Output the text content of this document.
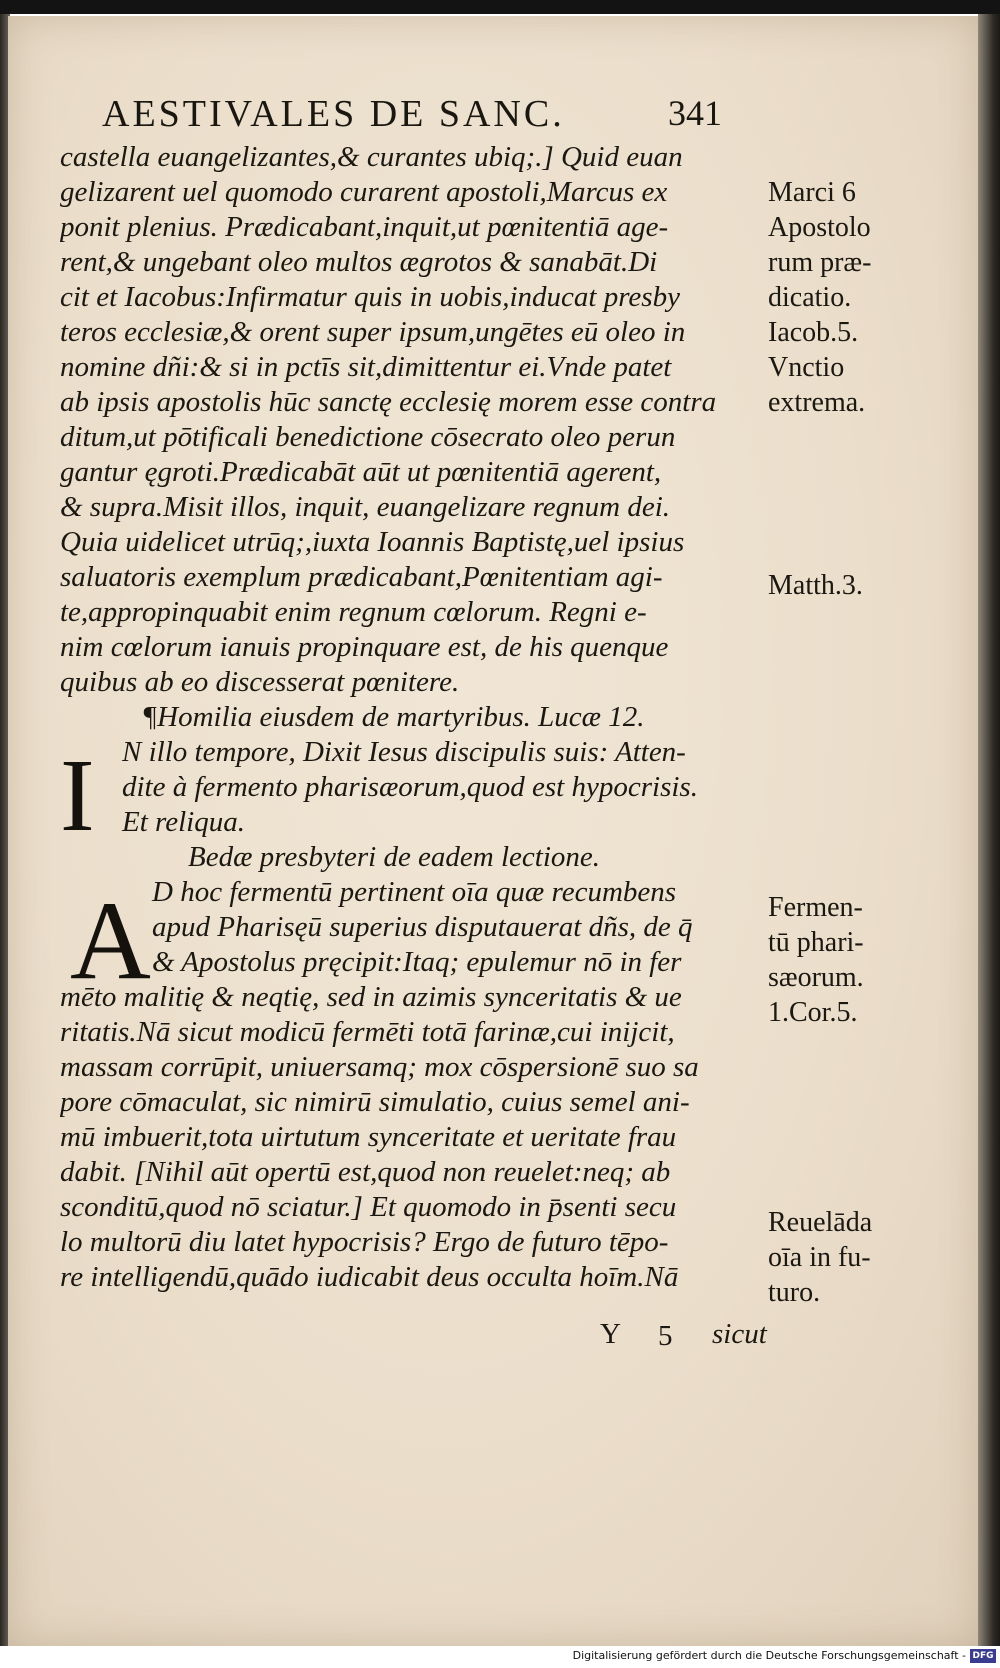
AESTIVALES DE SANC.	341
I
A
castella euangelizantes,& curantes ubiq;.] Quid euan
gelizarent uel quomodo curarent apostoli,Marcus ex
ponit plenius. Prædicabant,inquit,ut pœnitentiā age-
rent,& ungebant oleo multos ægrotos & sanabāt.Di
cit et Iacobus:Infirmatur quis in uobis,inducat presby
teros ecclesiæ,& orent super ipsum,ungētes eū oleo in
nomine dñi:& si in pctīs sit,dimittentur ei.Vnde patet
ab ipsis apostolis hūc sanctę ecclesię morem esse contra
ditum,ut pōtificali benedictione cōsecrato oleo perun
gantur ęgroti.Prædicabāt aūt ut pœnitentiā agerent,
& supra.Misit illos, inquit, euangelizare regnum dei.
Quia uidelicet utrūq;,iuxta Ioannis Baptistę,uel ipsius
saluatoris exemplum prædicabant,Pœnitentiam agi-
te,appropinquabit enim regnum cœlorum. Regni e-
nim cœlorum ianuis propinquare est, de his quenque
quibus ab eo discesserat pœnitere.
¶Homilia eiusdem de martyribus. Lucæ 12.
N illo tempore, Dixit Iesus discipulis suis: Atten-
dite à fermento pharisæorum,quod est hypocrisis.
Et reliqua.
Bedæ presbyteri de eadem lectione.
D hoc fermentū pertinent oīa quæ recumbens
apud Pharisęū superius disputauerat dñs, de q̄
& Apostolus pręcipit:Itaq; epulemur nō in fer
mēto malitię & neqtię, sed in azimis synceritatis & ue
ritatis.Nā sicut modicū fermēti totā farinæ,cui inijcit,
massam corrūpit, uniuersamq; mox cōspersionē suo sa
pore cōmaculat, sic nimirū simulatio, cuius semel ani-
mū imbuerit,tota uirtutum synceritate et ueritate frau
dabit. [Nihil aūt opertū est,quod non reuelet:neq; ab
sconditū,quod nō sciatur.] Et quomodo in p̄senti secu
lo multorū diu latet hypocrisis? Ergo de futuro tēpo-
re intelligendū,quādo iudicabit deus occulta hoīm.Nā
Marci 6
Apostolo
rum præ-
dicatio.
Iacob.5.
Vnctio
extrema.
Matth.3.
Fermen-
tū phari-
sæorum.
1.Cor.5.
Reuelāda
oīa in fu-
turo.
Y 5 sicut
Digitalisierung gefördert durch die Deutsche Forschungsgemeinschaft - DFG
